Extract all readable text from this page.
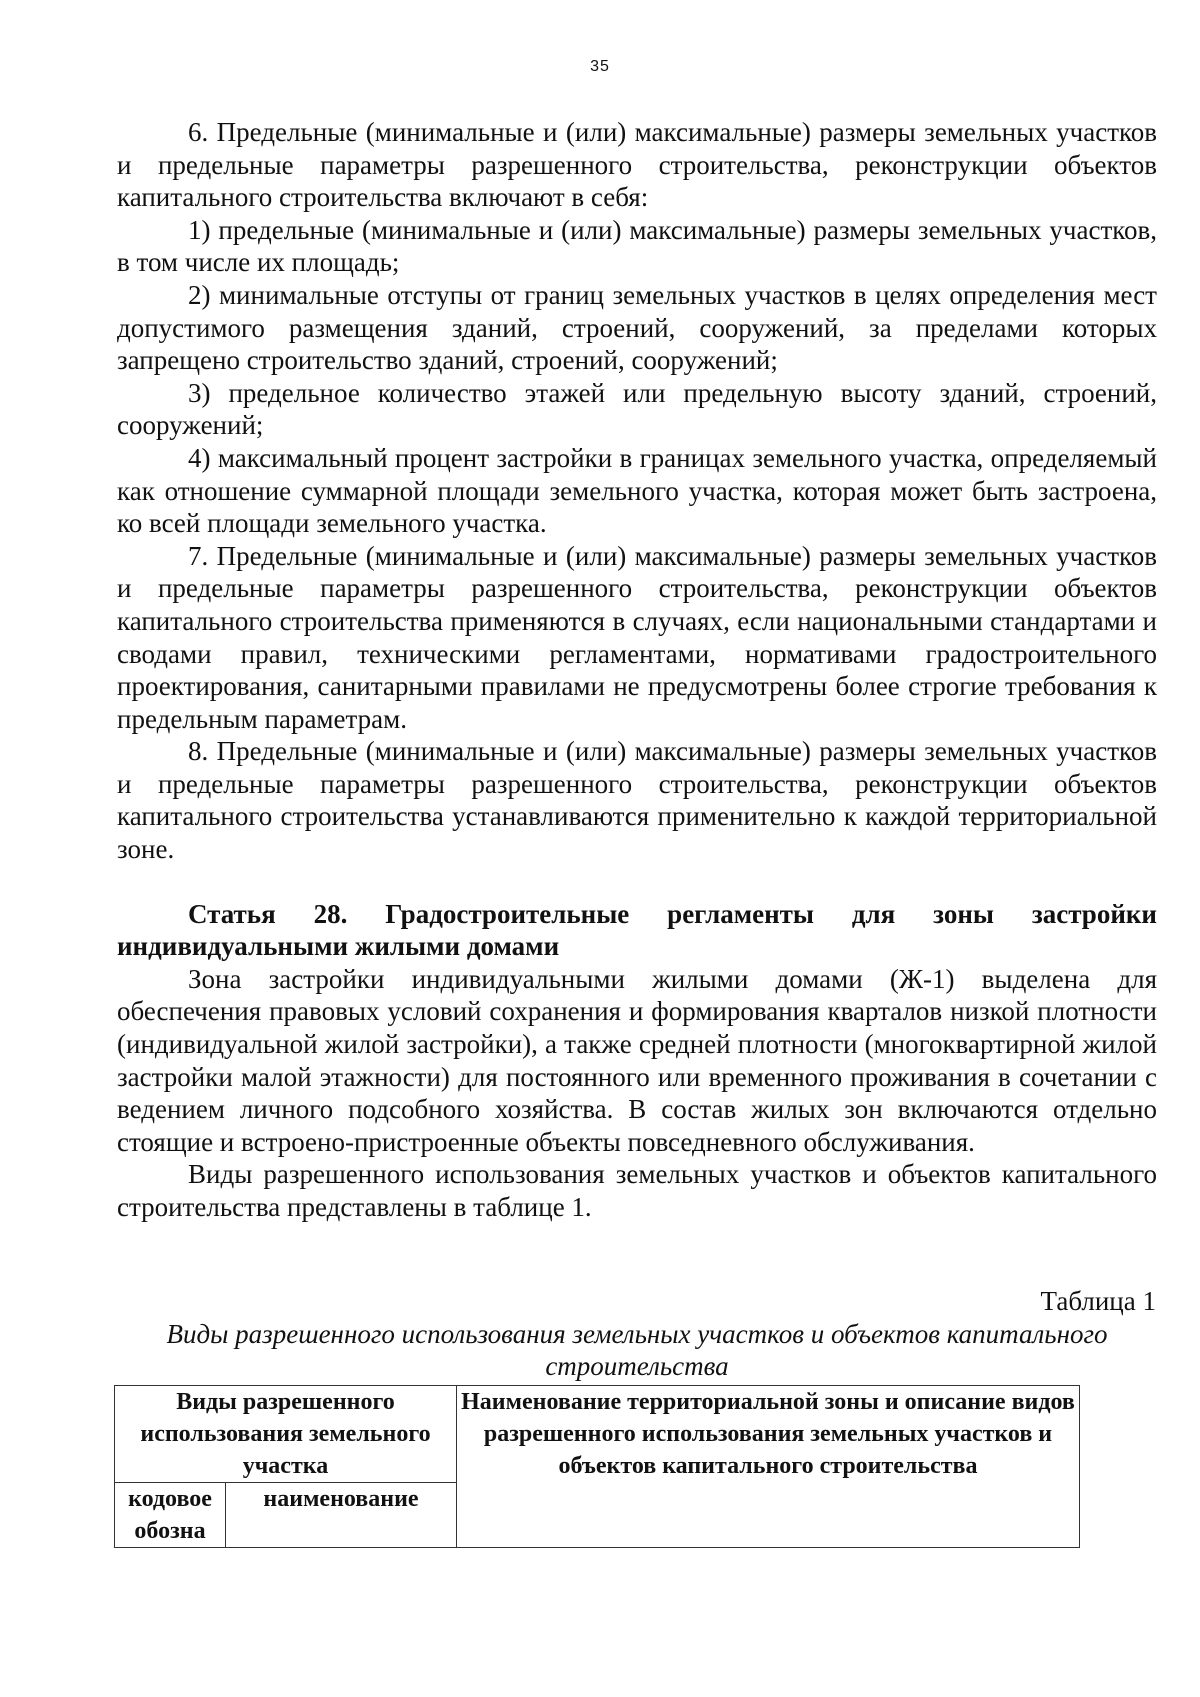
35

6. Предельные (минимальные и (или) максимальные) размеры земельных участков и предельные параметры разрешенного строительства, реконструкции объектов капитального строительства включают в себя:

1) предельные (минимальные и (или) максимальные) размеры земельных участков, в том числе их площадь;

2) минимальные отступы от границ земельных участков в целях определения мест допустимого размещения зданий, строений, сооружений, за пределами которых запрещено строительство зданий, строений, сооружений;

3) предельное количество этажей или предельную высоту зданий, строений, сооружений;

4) максимальный процент застройки в границах земельного участка, определяемый как отношение суммарной площади земельного участка, которая может быть застроена, ко всей площади земельного участка.

7. Предельные (минимальные и (или) максимальные) размеры земельных участков и предельные параметры разрешенного строительства, реконструкции объектов капитального строительства применяются в случаях, если национальными стандартами и сводами правил, техническими регламентами, нормативами градостроительного проектирования, санитарными правилами не предусмотрены более строгие требования к предельным параметрам.

8. Предельные (минимальные и (или) максимальные) размеры земельных участков и предельные параметры разрешенного строительства, реконструкции объектов капитального строительства устанавливаются применительно к каждой территориальной зоне.

Статья 28. Градостроительные регламенты для зоны застройки индивидуальными жилыми домами

Зона застройки индивидуальными жилыми домами (Ж-1) выделена для обеспечения правовых условий сохранения и формирования кварталов низкой плотности (индивидуальной жилой застройки), а также средней плотности (многоквартирной жилой застройки малой этажности) для постоянного или временного проживания в сочетании с ведением личного подсобного хозяйства. В состав жилых зон включаются отдельно стоящие и встроено-пристроенные объекты повседневного обслуживания.

Виды разрешенного использования земельных участков и объектов капитального строительства представлены в таблице 1.

Таблица 1
Виды разрешенного использования земельных участков и объектов капитального строительства
Виды разрешенного использования земельного участка		Наименование территориальной зоны и описание видов разрешенного использования земельных участков и объектов капитального строительства
кодовое обозна	наименование	
